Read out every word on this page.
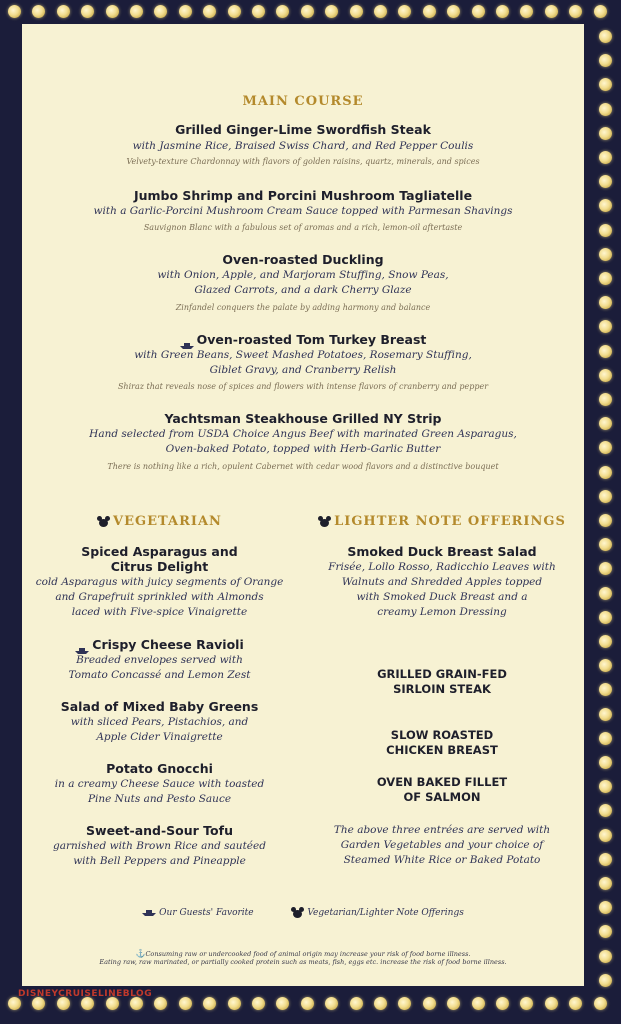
MAIN COURSE
Grilled Ginger-Lime Swordfish Steak
with Jasmine Rice, Braised Swiss Chard, and Red Pepper Coulis
Velvety-texture Chardonnay with flavors of golden raisins, quartz, minerals, and spices
Jumbo Shrimp and Porcini Mushroom Tagliatelle
with a Garlic-Porcini Mushroom Cream Sauce topped with Parmesan Shavings
Sauvignon Blanc with a fabulous set of aromas and a rich, lemon-oil aftertaste
Oven-roasted Duckling
with Onion, Apple, and Marjoram Stuffing, Snow Peas,
Glazed Carrots, and a dark Cherry Glaze
Zinfandel conquers the palate by adding harmony and balance
Oven-roasted Tom Turkey Breast
with Green Beans, Sweet Mashed Potatoes, Rosemary Stuffing,
Giblet Gravy, and Cranberry Relish
Shiraz that reveals nose of spices and flowers with intense flavors of cranberry and pepper
Yachtsman Steakhouse Grilled NY Strip
Hand selected from USDA Choice Angus Beef with marinated Green Asparagus,
Oven-baked Potato, topped with Herb-Garlic Butter
There is nothing like a rich, opulent Cabernet with cedar wood flavors and a distinctive bouquet
VEGETARIAN
Spiced Asparagus and
Citrus Delight
cold Asparagus with juicy segments of Orange
and Grapefruit sprinkled with Almonds
laced with Five-spice Vinaigrette
Crispy Cheese Ravioli
Breaded envelopes served with
Tomato Concassé and Lemon Zest
Salad of Mixed Baby Greens
with sliced Pears, Pistachios, and
Apple Cider Vinaigrette
Potato Gnocchi
in a creamy Cheese Sauce with toasted
Pine Nuts and Pesto Sauce
Sweet-and-Sour Tofu
garnished with Brown Rice and sautéed
with Bell Peppers and Pineapple
LIGHTER NOTE OFFERINGS
Smoked Duck Breast Salad
Frisée, Lollo Rosso, Radicchio Leaves with
Walnuts and Shredded Apples topped
with Smoked Duck Breast and a
creamy Lemon Dressing
GRILLED GRAIN-FED
SIRLOIN STEAK
SLOW ROASTED
CHICKEN BREAST
OVEN BAKED FILLET
OF SALMON
The above three entrées are served with
Garden Vegetables and your choice of
Steamed White Rice or Baked Potato
Our Guests' Favorite	Vegetarian/Lighter Note Offerings
⚓Consuming raw or undercooked food of animal origin may increase your risk of food borne illness.
Eating raw, raw marinated, or partially cooked protein such as meats, fish, eggs etc. increase the risk of food borne illness.
DISNEYCRUISELINEBLOG
